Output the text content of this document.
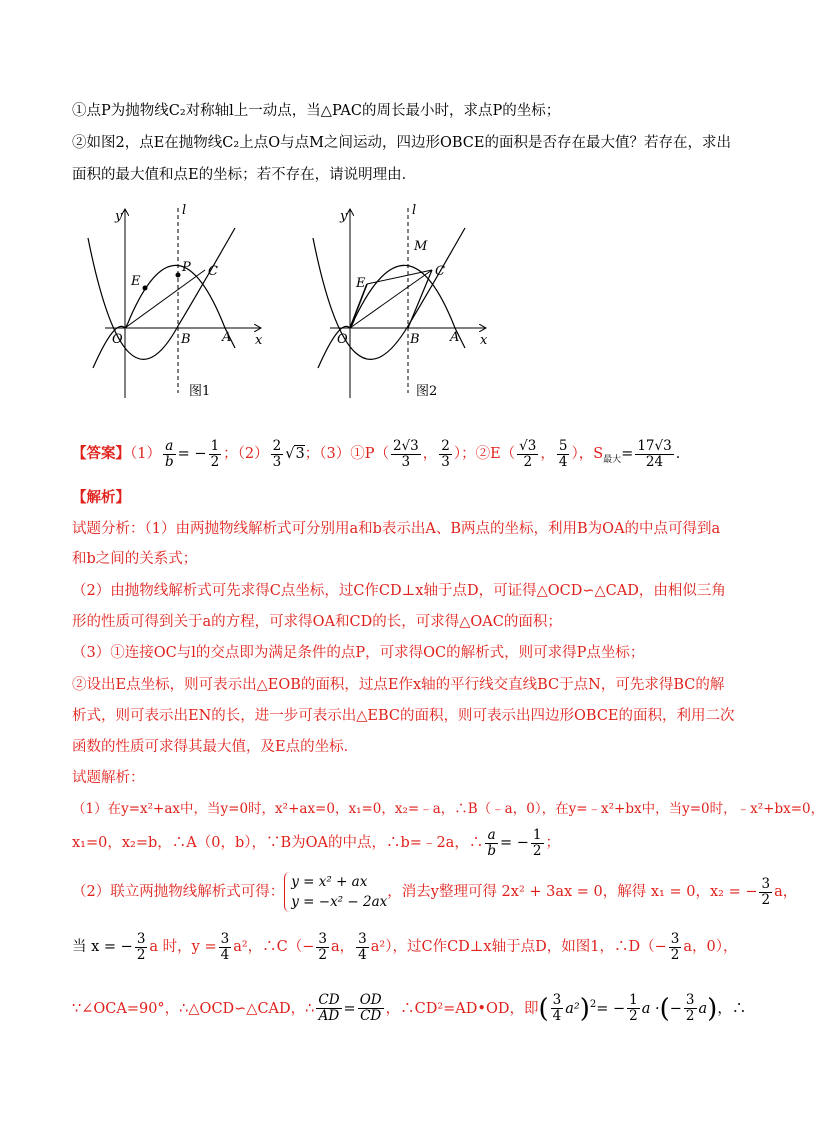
①点P为抛物线C₂对称轴l上一动点，当△PAC的周长最小时，求点P的坐标；
②如图2，点E在抛物线C₂上点O与点M之间运动，四边形OBCE的面积是否存在最大值？若存在，求出
面积的最大值和点E的坐标；若不存在，请说明理由．
y	l
P C
E
O	B A x
图1
y	l
M
C
E
O	B A x
图2
【答案】$(1) \frac{a}{b}$ = − $\frac{1}{2}$ ；$(2) \frac{2}{3} √3$；（3）①P（ $\frac{2√3}{3}$ ， $\frac{2}{3}$ ）；②E（ $\frac{√3}{2}$ ， $\frac{5}{4}$ ），$S_{最大}= \frac{17√3}{24}$ ．
【解析】
试题分析：（1）由两抛物线解析式可分别用a和b表示出A、B两点的坐标，利用B为OA的中点可得到a
和b之间的关系式；
（2）由抛物线解析式可先求得C点坐标，过C作CD⊥x轴于点D，可证得△OCD∽△CAD，由相似三角
形的性质可得到关于a的方程，可求得OA和CD的长，可求得△OAC的面积；
（3）①连接OC与l的交点即为满足条件的点P，可求得OC的解析式，则可求得P点坐标；
②设出E点坐标，则可表示出△EOB的面积，过点E作x轴的平行线交直线BC于点N，可先求得BC的解
析式，则可表示出EN的长，进一步可表示出△EBC的面积，则可表示出四边形OBCE的面积，利用二次
函数的性质可求得其最大值，及E点的坐标．
试题解析：
（1）在y=x²+ax中，当y=0时，x²+ax=0，x₁=0，x₂=﹣a，∴B（﹣a，0），在y=﹣x²+bx中，当y=0时，﹣x²+bx=0，
x₁=0，x₂=b，∴A（0，b），∵B为OA的中点，∴b=﹣2a，∴ $\frac{a}{b}$ = − $\frac{1}{2}$ ；
（2）联立两抛物线解析式可得：
y = x² + ax
y = −x² − 2ax
，消去y整理可得 2x² + 3ax = 0，解得 x₁ = 0，x₂ = − $\frac{3}{2}$ a，
当 x = − $\frac{3}{2}$ a 时，$y = \frac{3}{4} a^2$，∴C（− $\frac{3}{2}$ a， $\frac{3}{4} a^2$），过C作CD⊥x轴于点D，如图1，∴D（− $\frac{3}{2}$ a，0），
∵∠OCA=90°，∴△OCD∽△CAD，∴ $\frac{CD}{AD} = \frac{OD}{CD}$ ，∴CD²=AD•OD，即( $\frac{3}{4} a^2)^2= - \frac{1}{2}$ a ·(− $\frac{3}{2} a$)，∴
